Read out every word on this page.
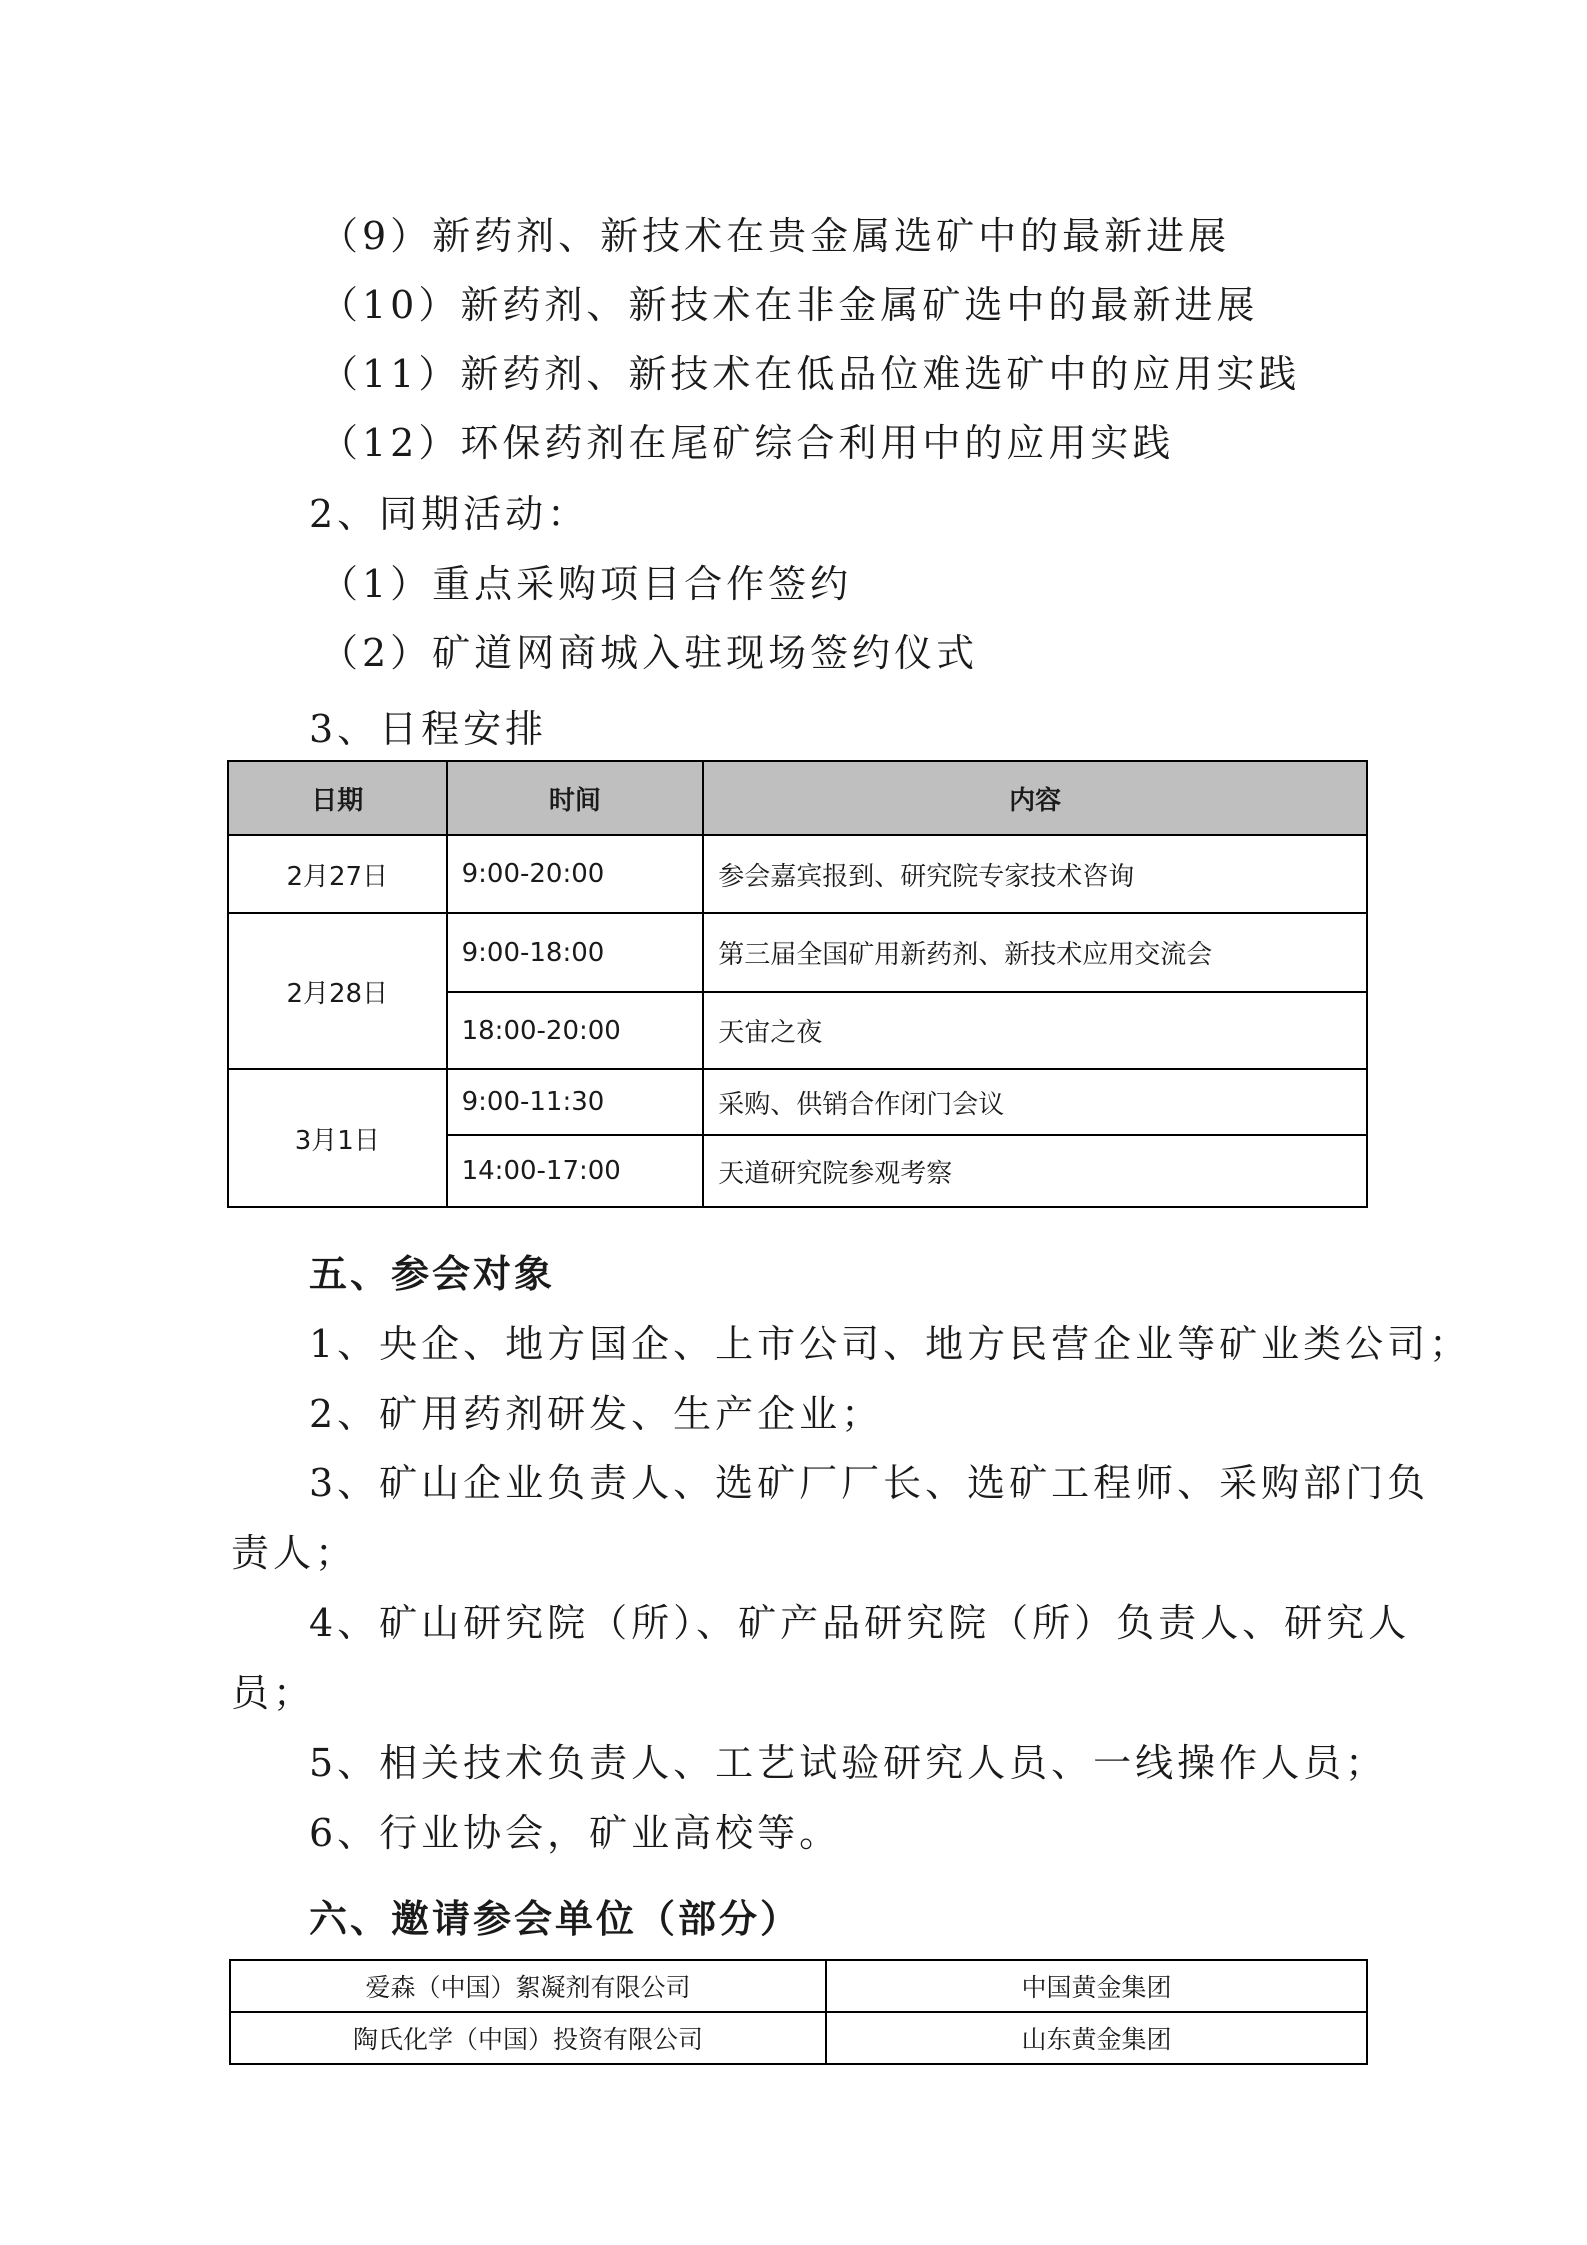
（9）新药剂、新技术在贵金属选矿中的最新进展
（10）新药剂、新技术在非金属矿选中的最新进展
（11）新药剂、新技术在低品位难选矿中的应用实践
（12）环保药剂在尾矿综合利用中的应用实践
2、同期活动：
（1）重点采购项目合作签约
（2）矿道网商城入驻现场签约仪式
3、日程安排
日期	时间	内容
2月27日	9:00-20:00	参会嘉宾报到、研究院专家技术咨询
2月28日	9:00-18:00	第三届全国矿用新药剂、新技术应用交流会
	18:00-20:00	天宙之夜
3月1日	9:00-11:30	采购、供销合作闭门会议
	14:00-17:00	天道研究院参观考察
五、参会对象
1、央企、地方国企、上市公司、地方民营企业等矿业类公司；
2、矿用药剂研发、生产企业；
3、矿山企业负责人、选矿厂厂长、选矿工程师、采购部门负
责人；
4、矿山研究院（所）、矿产品研究院（所）负责人、研究人
员；
5、相关技术负责人、工艺试验研究人员、一线操作人员；
6、行业协会，矿业高校等。
六、邀请参会单位（部分）
爱森（中国）絮凝剂有限公司	中国黄金集团
陶氏化学（中国）投资有限公司	山东黄金集团
